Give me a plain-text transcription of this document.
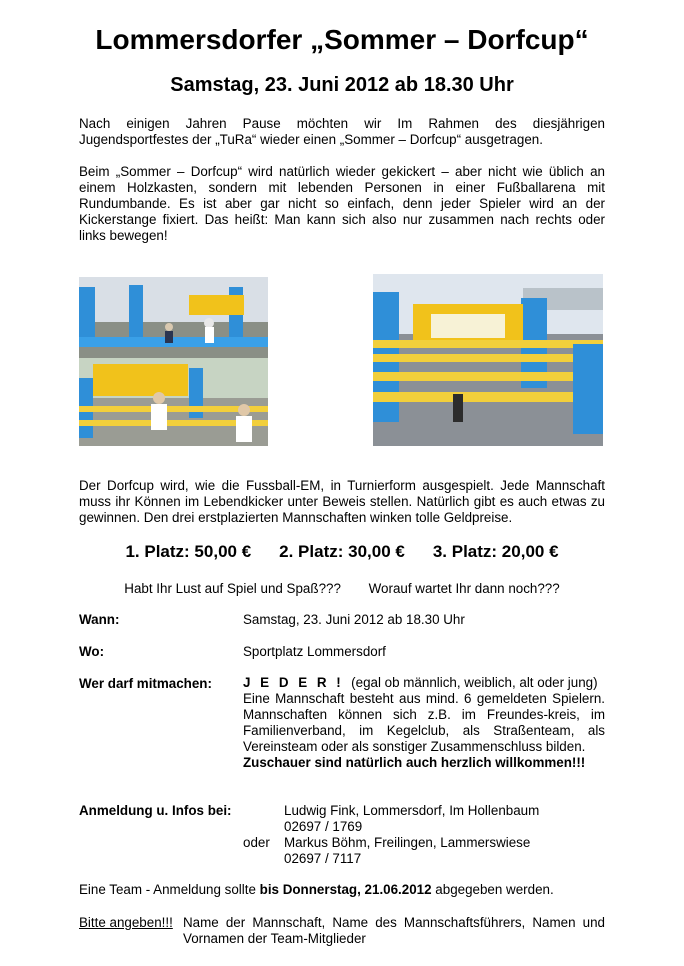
Lommersdorfer „Sommer – Dorfcup“
Samstag, 23. Juni 2012 ab 18.30 Uhr
Nach einigen Jahren Pause möchten wir Im Rahmen des diesjährigen Jugendsportfestes der „TuRa“ wieder einen „Sommer – Dorfcup“ ausgetragen.
Beim „Sommer – Dorfcup“ wird natürlich wieder gekickert – aber nicht wie üblich an einem Holzkasten, sondern mit lebenden Personen in einer Fußballarena mit Rundumbande. Es ist aber gar nicht so einfach, denn jeder Spieler wird an der Kickerstange fixiert. Das heißt: Man kann sich also nur zusammen nach rechts oder links bewegen!
Der Dorfcup wird, wie die Fussball-EM, in Turnierform ausgespielt. Jede Mannschaft muss ihr Können im Lebendkicker unter Beweis stellen. Natürlich gibt es auch etwas zu gewinnen. Den drei erstplazierten Mannschaften winken tolle Geldpreise.
1. Platz: 50,00 € 2. Platz: 30,00 € 3. Platz: 20,00 €
Habt Ihr Lust auf Spiel und Spaß??? Worauf wartet Ihr dann noch???
Wann:	Samstag, 23. Juni 2012 ab 18.30 Uhr
Wo:	Sportplatz Lommersdorf
Wer darf mitmachen: J E D E R ! (egal ob männlich, weiblich, alt oder jung)
Eine Mannschaft besteht aus mind. 6 gemeldeten Spielern. Mannschaften können sich z.B. im Freundes-kreis, im Familienverband, im Kegelclub, als Straßenteam, als Vereinsteam oder als sonstiger Zusammenschluss bilden.
Zuschauer sind natürlich auch herzlich willkommen!!!
Anmeldung u. Infos bei:	Ludwig Fink, Lommersdorf, Im Hollenbaum
02697 / 1769
oder Markus Böhm, Freilingen, Lammerswiese
02697 / 7117
Eine Team - Anmeldung sollte bis Donnerstag, 21.06.2012 abgegeben werden.
Bitte angeben!!! Name der Mannschaft, Name des Mannschaftsführers, Namen und Vornamen der Team-Mitglieder
